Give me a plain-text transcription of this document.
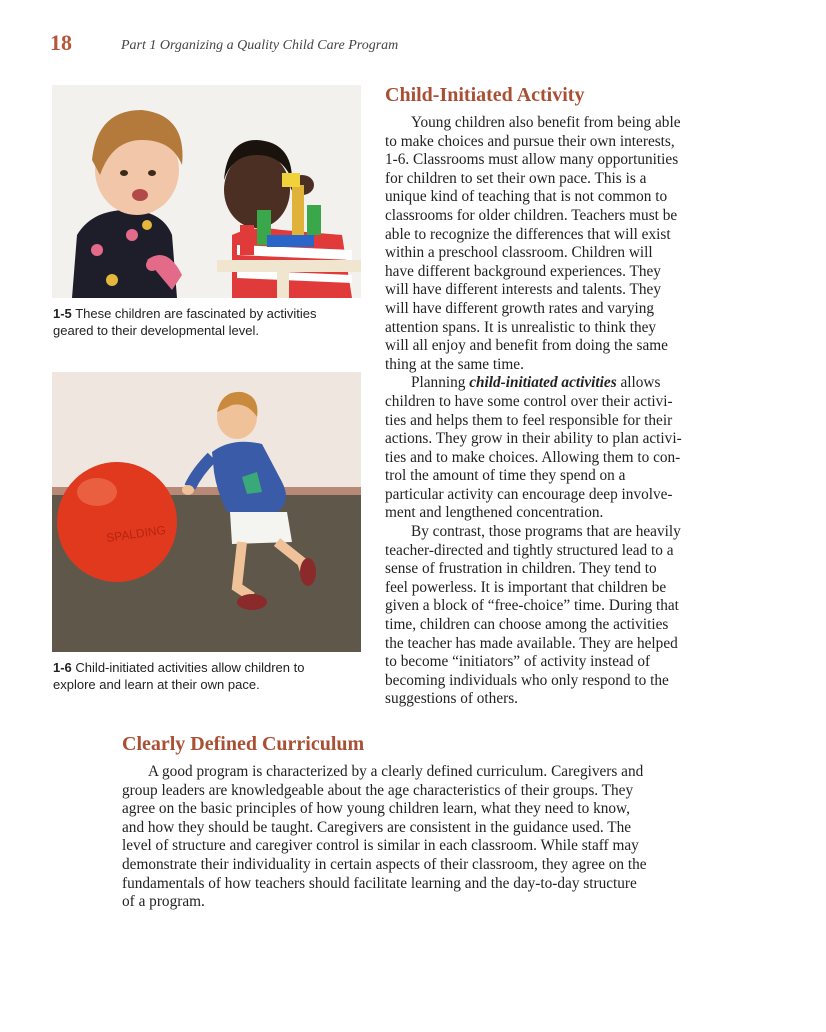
18	Part 1 Organizing a Quality Child Care Program
1-5 These children are fascinated by activities
geared to their developmental level.
SPALDING
1-6 Child-initiated activities allow children to
explore and learn at their own pace.
Child-Initiated Activity
Young children also benefit from being able
to make choices and pursue their own interests,
1-6. Classrooms must allow many opportunities
for children to set their own pace. This is a
unique kind of teaching that is not common to
classrooms for older children. Teachers must be
able to recognize the differences that will exist
within a preschool classroom. Children will
have different background experiences. They
will have different interests and talents. They
will have different growth rates and varying
attention spans. It is unrealistic to think they
will all enjoy and benefit from doing the same
thing at the same time.
Planning child-initiated activities allows
children to have some control over their activi-
ties and helps them to feel responsible for their
actions. They grow in their ability to plan activi-
ties and to make choices. Allowing them to con-
trol the amount of time they spend on a
particular activity can encourage deep involve-
ment and lengthened concentration.
By contrast, those programs that are heavily
teacher-directed and tightly structured lead to a
sense of frustration in children. They tend to
feel powerless. It is important that children be
given a block of “free-choice” time. During that
time, children can choose among the activities
the teacher has made available. They are helped
to become “initiators” of activity instead of
becoming individuals who only respond to the
suggestions of others.
Clearly Defined Curriculum
A good program is characterized by a clearly defined curriculum. Caregivers and
group leaders are knowledgeable about the age characteristics of their groups. They
agree on the basic principles of how young children learn, what they need to know,
and how they should be taught. Caregivers are consistent in the guidance used. The
level of structure and caregiver control is similar in each classroom. While staff may
demonstrate their individuality in certain aspects of their classroom, they agree on the
fundamentals of how teachers should facilitate learning and the day-to-day structure
of a program.
